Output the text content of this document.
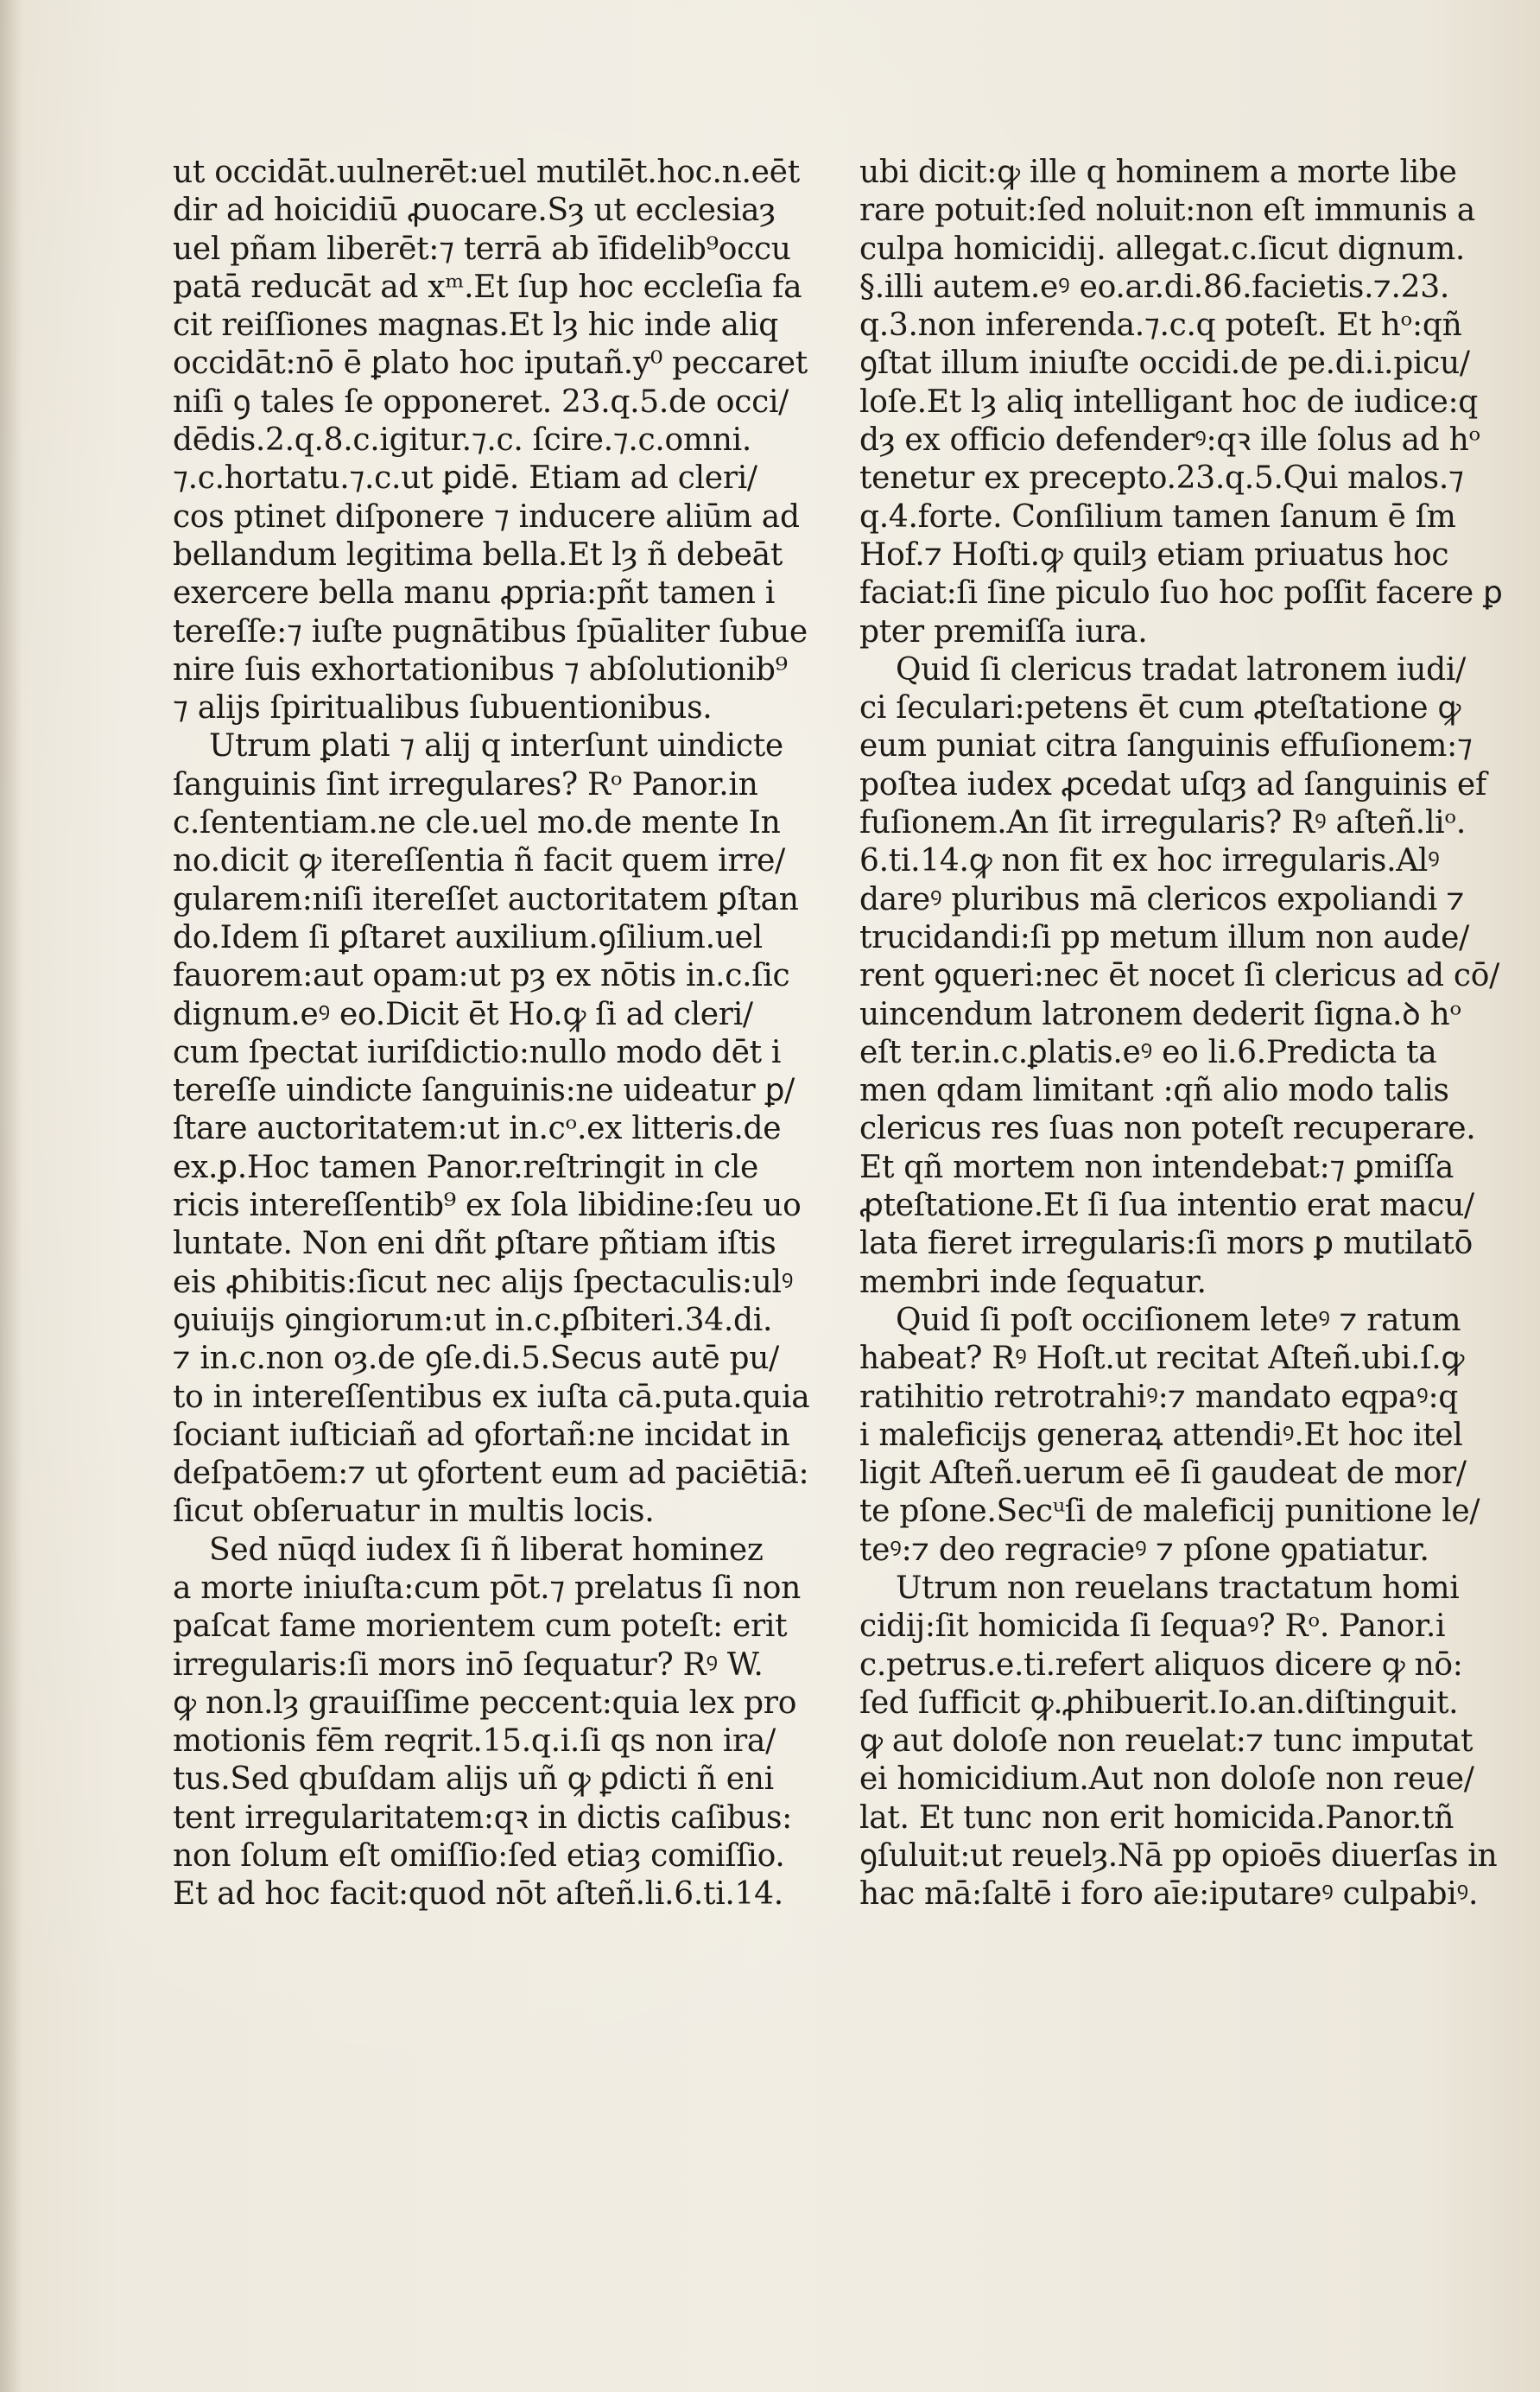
ut occidāt.uulnerēt:uel mutilēt.hoc.n.eēt
dir ad hoicidiū ꝓuocare.Sȝ ut ecclesiaȝ
uel pñam liberēt:⁊ terrā ab īfidelib⁹occu
patā reducāt ad xᵐ.Et ſup hoc eccleſia fa
cit reiſſiones magnas.Et lȝ hic inde aliq
occidāt:nō ē ꝑlato hoc iputañ.y⁰ peccaret
niſi ꝯ tales ſe opponeret. 23.q.5.de occi/
dēdis.2.q.8.c.igitur.⁊.c. ſcire.⁊.c.omni.
⁊.c.hortatu.⁊.c.ut ꝑidē. Etiam ad cleri/
cos ptinet diſponere ⁊ inducere aliūm ad
bellandum legitima bella.Et lȝ ñ debeāt
exercere bella manu ꝓpria:pñt tamen i
tereſſe:⁊ iuſte pugnātibus ſpūaliter ſubue
nire ſuis exhortationibus ⁊ abſolutionib⁹
⁊ alijs ſpiritualibus ſubuentionibus.
Utrum ꝑlati ⁊ alij q interſunt uindicte
ſanguinis ſint irregulares? Rᵒ Panor.in
c.ſententiam.ne cle.uel mo.de mente In
no.dicit ꝙ itereſſentia ñ facit quem irre/
gularem:niſi itereſſet auctoritatem ꝑſtan
do.Idem ſi ꝑſtaret auxilium.ꝯſilium.uel
fauorem:aut opam:ut pȝ ex nōtis in.c.ſic
dignum.eꝰ eo.Dicit ēt Ho.ꝙ ſi ad cleri/
cum ſpectat iuriſdictio:nullo modo dēt i
tereſſe uindicte ſanguinis:ne uideatur ꝑ/
ſtare auctoritatem:ut in.cᵒ.ex litteris.de
ex.ꝑ.Hoc tamen Panor.reſtringit in cle
ricis intereſſentib⁹ ex ſola libidine:ſeu uo
luntate. Non eni dñt ꝑſtare pñtiam iſtis
eis ꝓhibitis:ſicut nec alijs ſpectaculis:ulꝰ
ꝯuiuijs ꝯingiorum:ut in.c.ꝑſbiteri.34.di.
⁊ in.c.non oȝ.de ꝯſe.di.5.Secus autē pu/
to in intereſſentibus ex iuſta cā.puta.quia
ſociant iuſticiañ ad ꝯfortañ:ne incidat in
deſpatōem:⁊ ut ꝯfortent eum ad paciētiā:
ſicut obſeruatur in multis locis.
Sed nūqd iudex ſi ñ liberat hominez
a morte iniuſta:cum pōt.⁊ prelatus ſi non
paſcat fame morientem cum poteſt: erit
irregularis:ſi mors inō ſequatur? Rꝰ W.
ꝙ non.lȝ grauiſſime peccent:quia lex pro
motionis fēm reqrit.15.q.i.ſi qs non ira/
tus.Sed qbuſdam alijs uñ ꝙ ꝑdicti ñ eni
tent irregularitatem:qꝛ in dictis caſibus:
non ſolum eſt omiſſio:ſed etiaȝ comiſſio.
Et ad hoc facit:quod nōt aſteñ.li.6.ti.14.
ubi dicit:ꝙ ille q hominem a morte libe
rare potuit:ſed noluit:non eſt immunis a
culpa homicidij. allegat.c.ſicut dignum.
§.illi autem.eꝰ eo.ar.di.86.facietis.⁊.23.
q.3.non inferenda.⁊.c.q poteſt. Et hᵒ:qñ
ꝯſtat illum iniuſte occidi.de pe.di.i.picu/
loſe.Et lȝ aliq intelligant hoc de iudice:q
dȝ ex officio defenderꝰ:qꝛ ille ſolus ad hᵒ
tenetur ex precepto.23.q.5.Qui malos.⁊
q.4.forte. Conſilium tamen ſanum ē ſm
Hof.⁊ Hoſti.ꝙ quilȝ etiam priuatus hoc
faciat:ſi ſine piculo ſuo hoc poſſit facere ꝑ
pter premiſſa iura.
Quid ſi clericus tradat latronem iudi/
ci ſeculari:petens ēt cum ꝓteſtatione ꝙ
eum puniat citra ſanguinis effuſionem:⁊
poſtea iudex ꝓcedat uſqȝ ad ſanguinis ef
fuſionem.An ſit irregularis? Rꝰ aſteñ.liᵒ.
6.ti.14.ꝙ non fit ex hoc irregularis.Alꝰ
dareꝰ pluribus mā clericos expoliandi ⁊
trucidandi:ſi pp metum illum non aude/
rent ꝯqueri:nec ēt nocet ſi clericus ad cō/
uincendum latronem dederit ſigna.ꝺ hᵒ
eſt ter.in.c.ꝑlatis.eꝰ eo li.6.Predicta ta
men qdam limitant :qñ alio modo talis
clericus res ſuas non poteſt recuperare.
Et qñ mortem non intendebat:⁊ ꝑmiſſa
ꝓteſtatione.Et ſi ſua intentio erat macu/
lata fieret irregularis:ſi mors ꝑ mutilatō
membri inde ſequatur.
Quid ſi poſt occiſionem leteꝰ ⁊ ratum
habeat? Rꝰ Hoſt.ut recitat Aſteñ.ubi.ſ.ꝙ
ratihitio retrotrahiꝰ:⁊ mandato eqpaꝰ:q
i maleficijs generaꝝ attendiꝰ.Et hoc itel
ligit Aſteñ.uerum eē ſi gaudeat de mor/
te pſone.Secᵘſi de maleficij punitione le/
teꝰ:⁊ deo regracieꝰ ⁊ pſone ꝯpatiatur.
Utrum non reuelans tractatum homi
cidij:ſit homicida ſi ſequaꝰ? Rᵒ. Panor.i
c.petrus.e.ti.refert aliquos dicere ꝙ nō:
ſed ſufficit ꝙ.ꝓhibuerit.Io.an.diſtinguit.
ꝙ aut doloſe non reuelat:⁊ tunc imputat
ei homicidium.Aut non doloſe non reue/
lat. Et tunc non erit homicida.Panor.tñ
ꝯſuluit:ut reuelȝ.Nā pp opioēs diuerſas in
hac mā:ſaltē i foro aīe:iputareꝰ culpabiꝰ.
